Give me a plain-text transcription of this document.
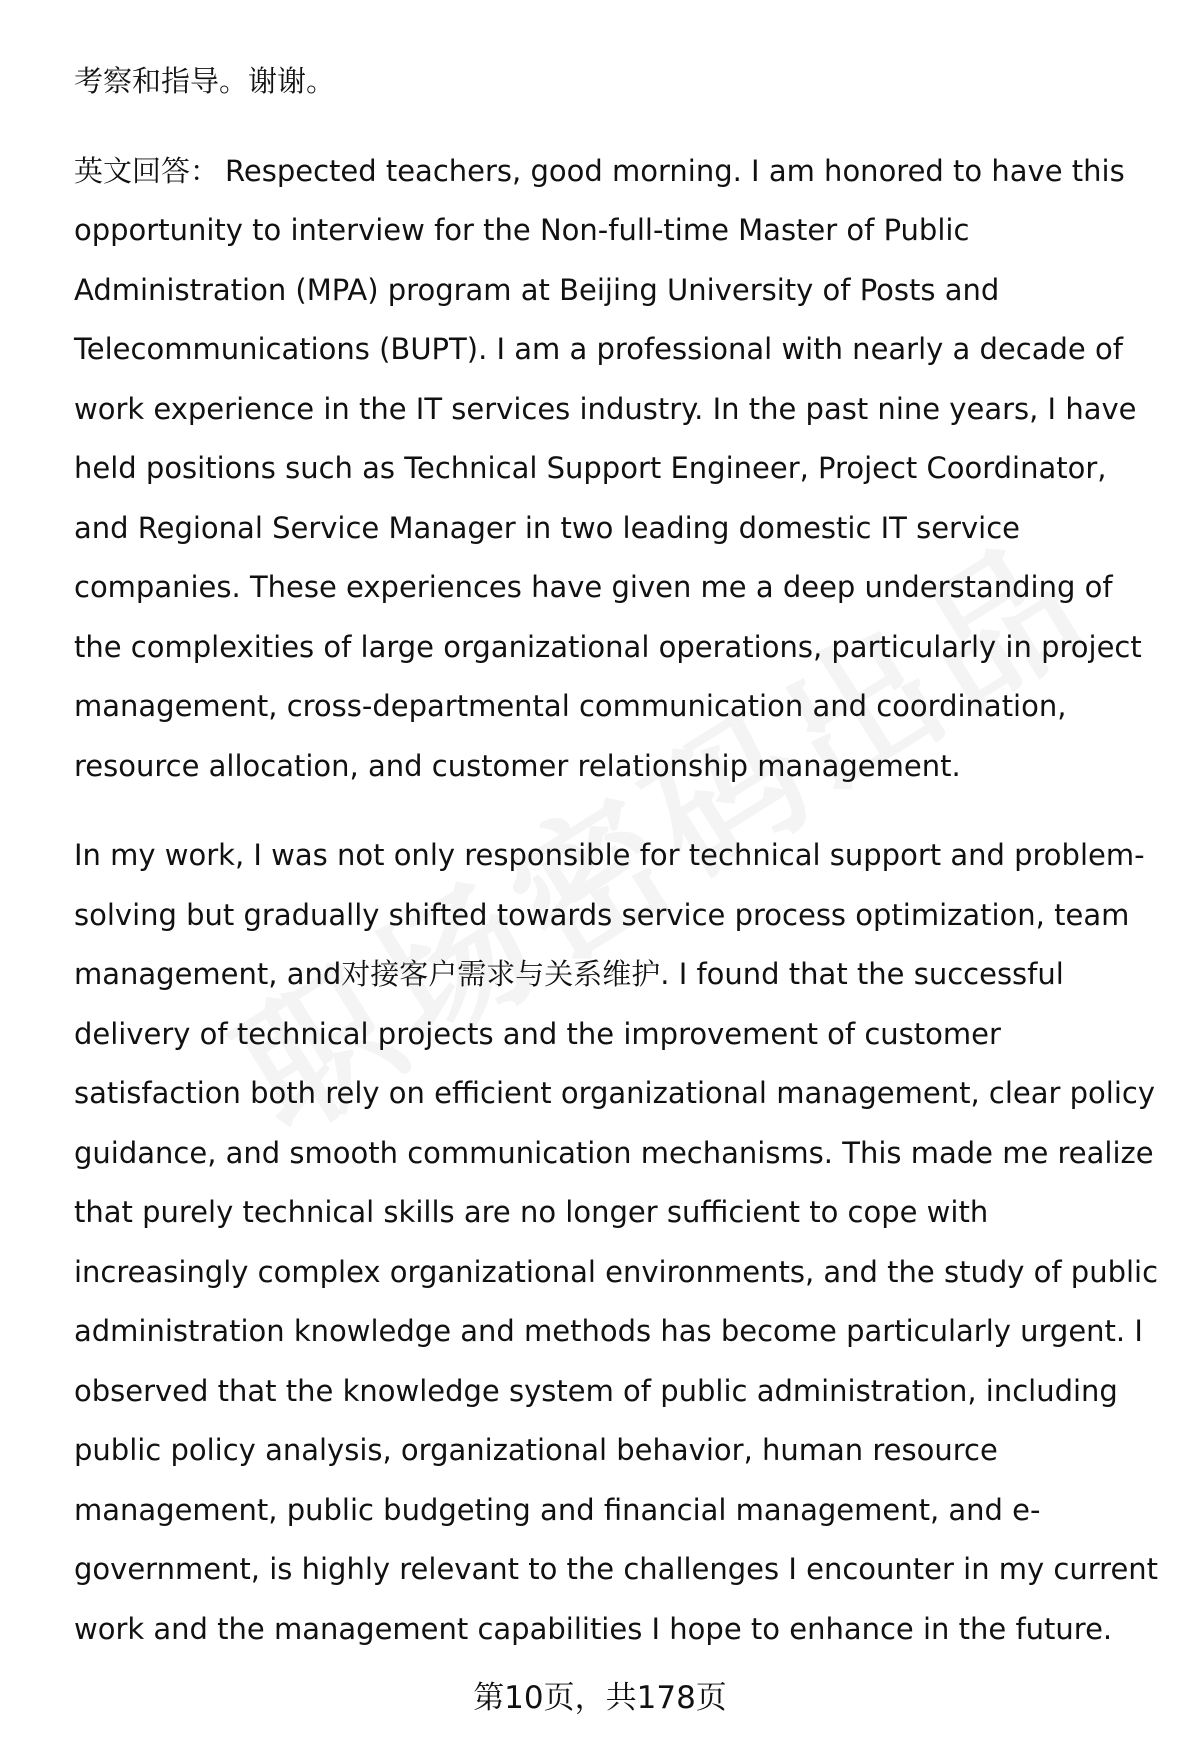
考察和指导。谢谢。

英文回答： Respected teachers, good morning. I am honored to have this opportunity to interview for the Non-full-time Master of Public Administration (MPA) program at Beijing University of Posts and Telecommunications (BUPT). I am a professional with nearly a decade of work experience in the IT services industry. In the past nine years, I have held positions such as Technical Support Engineer, Project Coordinator, and Regional Service Manager in two leading domestic IT service companies. These experiences have given me a deep understanding of the complexities of large organizational operations, particularly in project management, cross-departmental communication and coordination, resource allocation, and customer relationship management.

In my work, I was not only responsible for technical support and problem-solving but gradually shifted towards service process optimization, team management, and对接客户需求与关系维护. I found that the successful delivery of technical projects and the improvement of customer satisfaction both rely on efficient organizational management, clear policy guidance, and smooth communication mechanisms. This made me realize that purely technical skills are no longer sufficient to cope with increasingly complex organizational environments, and the study of public administration knowledge and methods has become particularly urgent. I observed that the knowledge system of public administration, including public policy analysis, organizational behavior, human resource management, public budgeting and financial management, and e-government, is highly relevant to the challenges I encounter in my current work and the management capabilities I hope to enhance in the future.

第10页，共178页
